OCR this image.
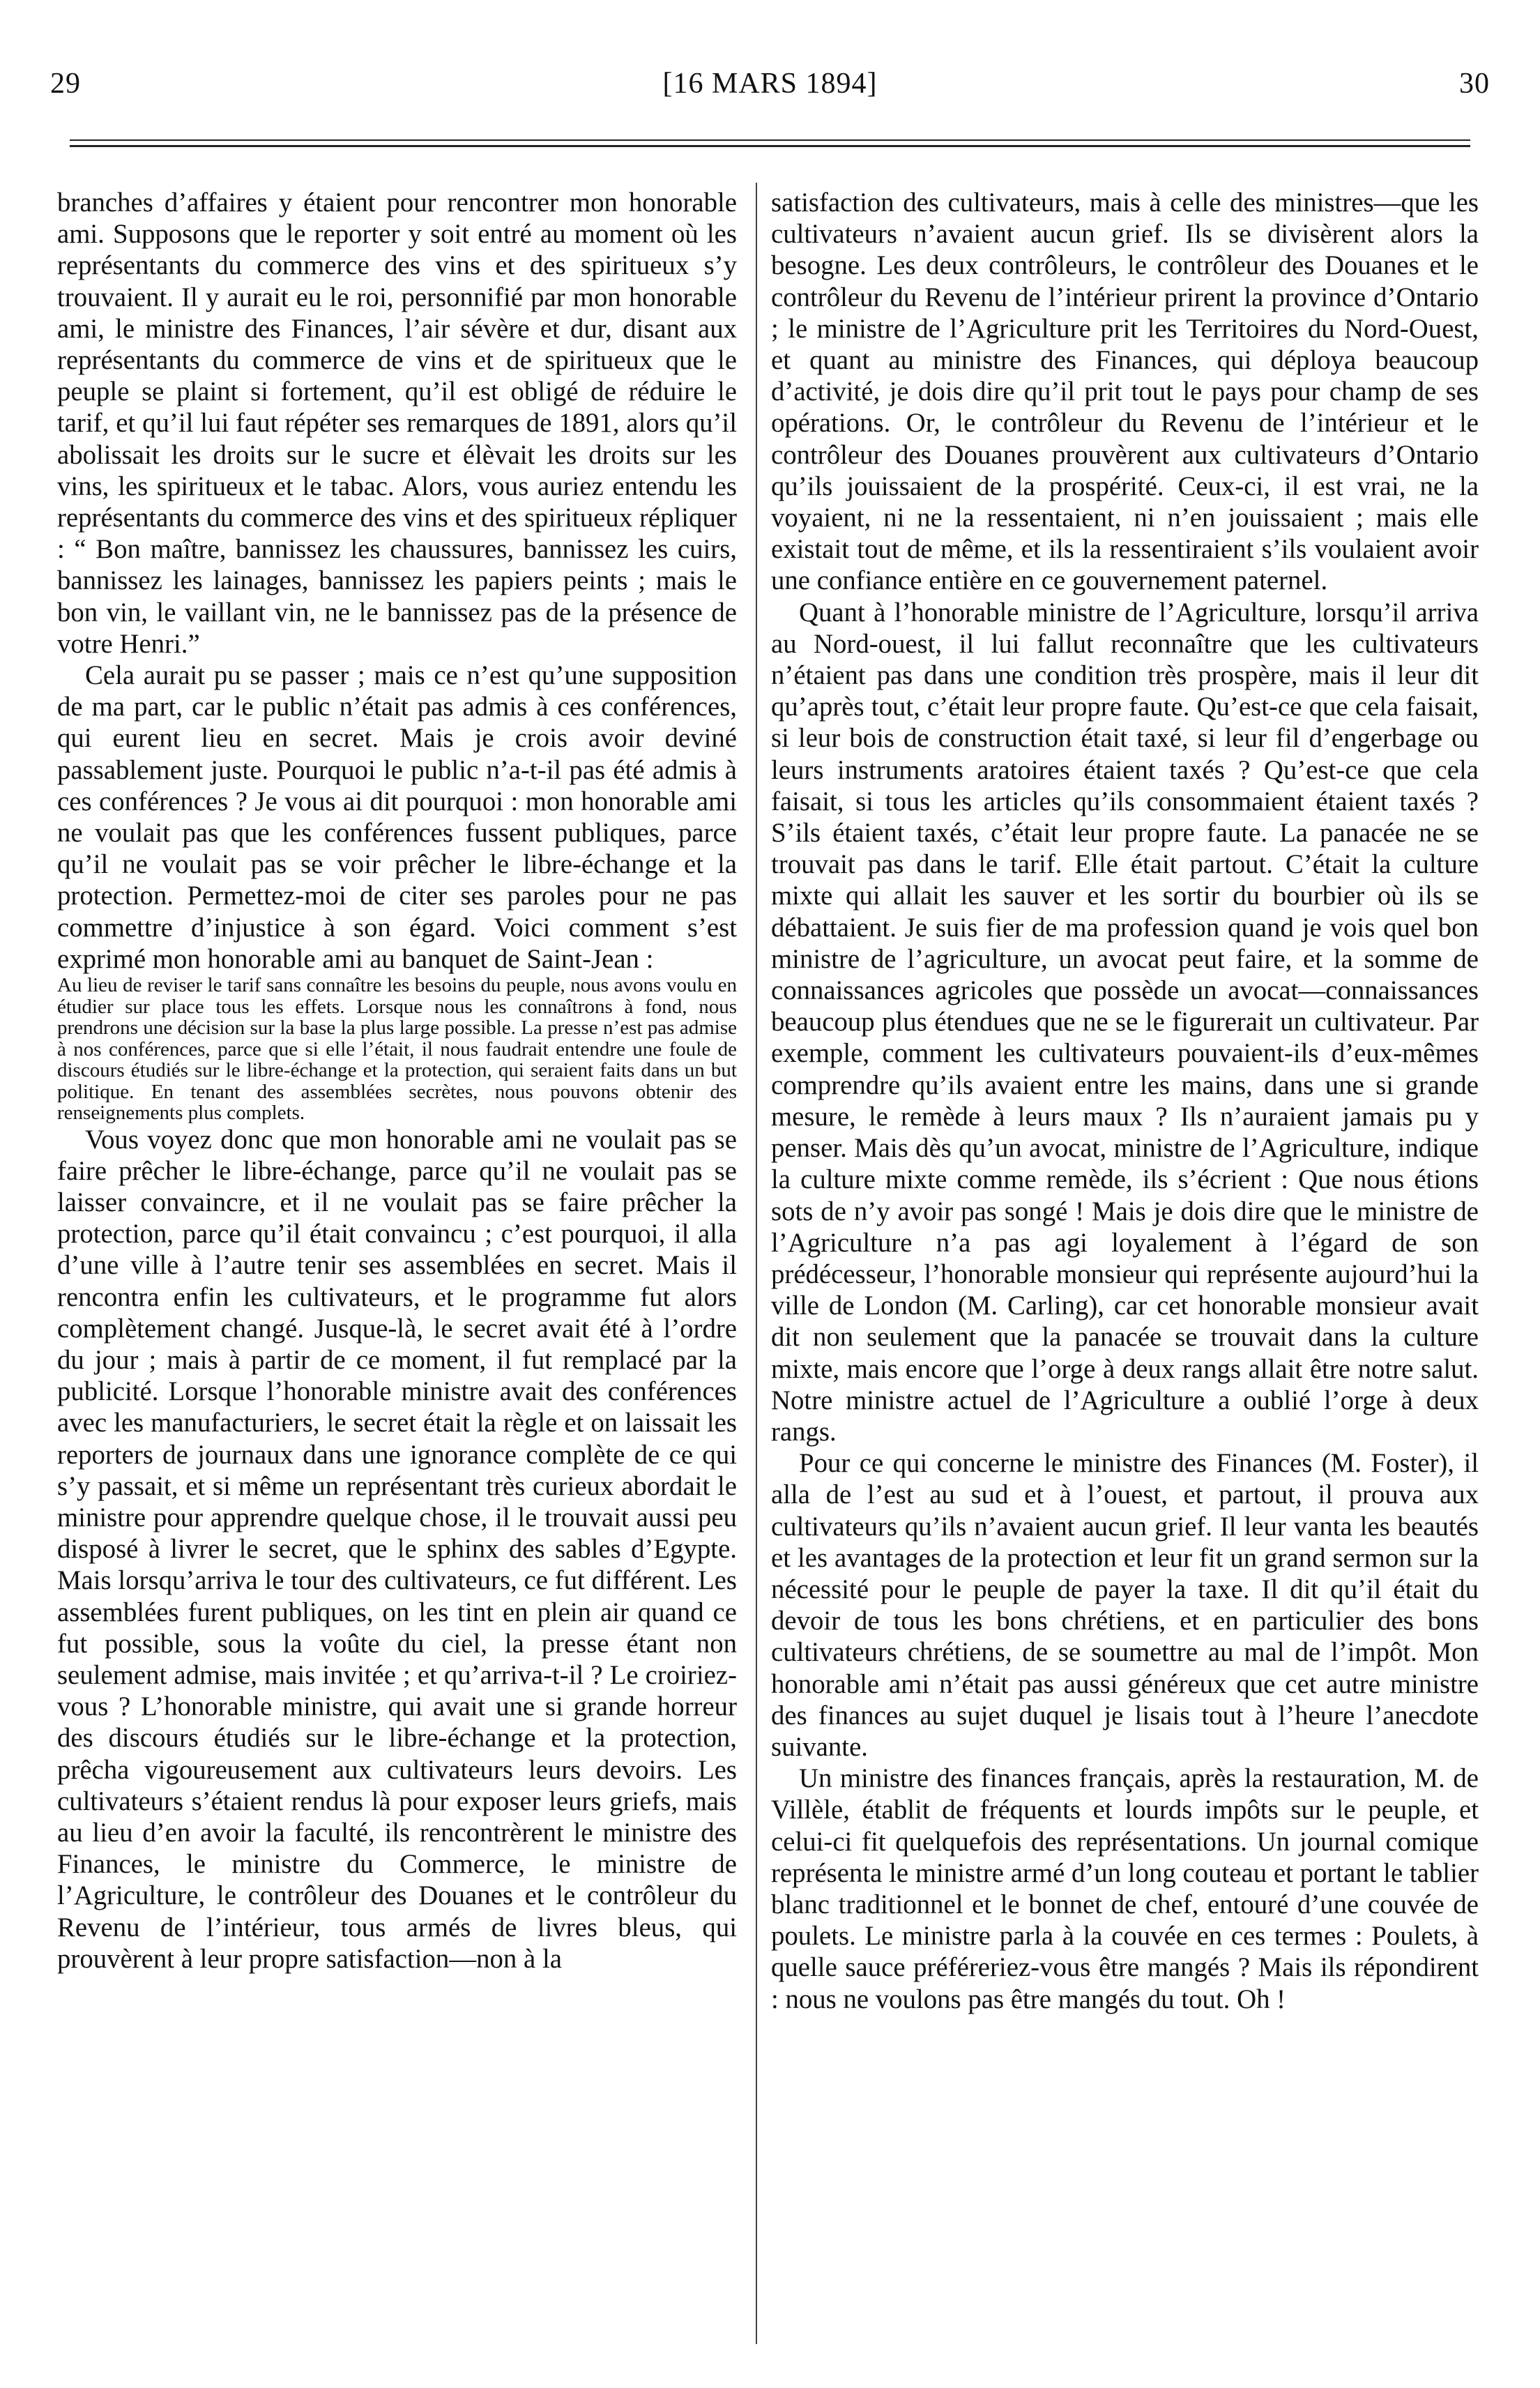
29	[16 MARS 1894]	30

branches d’affaires y étaient pour rencontrer mon honorable ami. Supposons que le reporter y soit entré au moment où les représentants du commerce des vins et des spiritueux s’y trouvaient. Il y aurait eu le roi, personnifié par mon honorable ami, le ministre des Finances, l’air sévère et dur, disant aux représentants du commerce de vins et de spiritueux que le peuple se plaint si fortement, qu’il est obligé de réduire le tarif, et qu’il lui faut répéter ses remarques de 1891, alors qu’il abolissait les droits sur le sucre et élèvait les droits sur les vins, les spiritueux et le tabac. Alors, vous auriez entendu les représentants du commerce des vins et des spiritueux répliquer : “ Bon maître, bannissez les chaussures, bannissez les cuirs, bannissez les lainages, bannissez les papiers peints ; mais le bon vin, le vaillant vin, ne le bannissez pas de la présence de votre Henri.”

Cela aurait pu se passer ; mais ce n’est qu’une supposition de ma part, car le public n’était pas admis à ces conférences, qui eurent lieu en secret. Mais je crois avoir deviné passablement juste. Pourquoi le public n’a-t-il pas été admis à ces conférences ? Je vous ai dit pourquoi : mon honorable ami ne voulait pas que les conférences fussent publiques, parce qu’il ne voulait pas se voir prêcher le libre-échange et la protection. Permettez-moi de citer ses paroles pour ne pas commettre d’injustice à son égard. Voici comment s’est exprimé mon honorable ami au banquet de Saint-Jean :

Au lieu de reviser le tarif sans connaître les besoins du peuple, nous avons voulu en étudier sur place tous les effets. Lorsque nous les connaîtrons à fond, nous prendrons une décision sur la base la plus large possible. La presse n’est pas admise à nos conférences, parce que si elle l’était, il nous faudrait entendre une foule de discours étudiés sur le libre-échange et la protection, qui seraient faits dans un but politique. En tenant des assemblées secrètes, nous pouvons obtenir des renseignements plus complets.

Vous voyez donc que mon honorable ami ne voulait pas se faire prêcher le libre-échange, parce qu’il ne voulait pas se laisser convaincre, et il ne voulait pas se faire prêcher la protection, parce qu’il était convaincu ; c’est pourquoi, il alla d’une ville à l’autre tenir ses assemblées en secret. Mais il rencontra enfin les cultivateurs, et le programme fut alors complètement changé. Jusque-là, le secret avait été à l’ordre du jour ; mais à partir de ce moment, il fut remplacé par la publicité. Lorsque l’honorable ministre avait des conférences avec les manufacturiers, le secret était la règle et on laissait les reporters de journaux dans une ignorance complète de ce qui s’y passait, et si même un représentant très curieux abordait le ministre pour apprendre quelque chose, il le trouvait aussi peu disposé à livrer le secret, que le sphinx des sables d’Egypte. Mais lorsqu’arriva le tour des cultivateurs, ce fut différent. Les assemblées furent publiques, on les tint en plein air quand ce fut possible, sous la voûte du ciel, la presse étant non seulement admise, mais invitée ; et qu’arriva-t-il ? Le croiriez-vous ? L’honorable ministre, qui avait une si grande horreur des discours étudiés sur le libre-échange et la protection, prêcha vigoureusement aux cultivateurs leurs devoirs. Les cultivateurs s’étaient rendus là pour exposer leurs griefs, mais au lieu d’en avoir la faculté, ils rencontrèrent le ministre des Finances, le ministre du Commerce, le ministre de l’Agriculture, le contrôleur des Douanes et le contrôleur du Revenu de l’intérieur, tous armés de livres bleus, qui prouvèrent à leur propre satisfaction—non à la

satisfaction des cultivateurs, mais à celle des ministres—que les cultivateurs n’avaient aucun grief. Ils se divisèrent alors la besogne. Les deux contrôleurs, le contrôleur des Douanes et le contrôleur du Revenu de l’intérieur prirent la province d’Ontario ; le ministre de l’Agriculture prit les Territoires du Nord-Ouest, et quant au ministre des Finances, qui déploya beaucoup d’activité, je dois dire qu’il prit tout le pays pour champ de ses opérations. Or, le contrôleur du Revenu de l’intérieur et le contrôleur des Douanes prouvèrent aux cultivateurs d’Ontario qu’ils jouissaient de la prospérité. Ceux-ci, il est vrai, ne la voyaient, ni ne la ressentaient, ni n’en jouissaient ; mais elle existait tout de même, et ils la ressentiraient s’ils voulaient avoir une confiance entière en ce gouvernement paternel.

Quant à l’honorable ministre de l’Agriculture, lorsqu’il arriva au Nord-ouest, il lui fallut reconnaître que les cultivateurs n’étaient pas dans une condition très prospère, mais il leur dit qu’après tout, c’était leur propre faute. Qu’est-ce que cela faisait, si leur bois de construction était taxé, si leur fil d’engerbage ou leurs instruments aratoires étaient taxés ? Qu’est-ce que cela faisait, si tous les articles qu’ils consommaient étaient taxés ? S’ils étaient taxés, c’était leur propre faute. La panacée ne se trouvait pas dans le tarif. Elle était partout. C’était la culture mixte qui allait les sauver et les sortir du bourbier où ils se débattaient. Je suis fier de ma profession quand je vois quel bon ministre de l’agriculture, un avocat peut faire, et la somme de connaissances agricoles que possède un avocat—connaissances beaucoup plus étendues que ne se le figurerait un cultivateur. Par exemple, comment les cultivateurs pouvaient-ils d’eux-mêmes comprendre qu’ils avaient entre les mains, dans une si grande mesure, le remède à leurs maux ? Ils n’auraient jamais pu y penser. Mais dès qu’un avocat, ministre de l’Agriculture, indique la culture mixte comme remède, ils s’écrient : Que nous étions sots de n’y avoir pas songé ! Mais je dois dire que le ministre de l’Agriculture n’a pas agi loyalement à l’égard de son prédécesseur, l’honorable monsieur qui représente aujourd’hui la ville de London (M. Carling), car cet honorable monsieur avait dit non seulement que la panacée se trouvait dans la culture mixte, mais encore que l’orge à deux rangs allait être notre salut. Notre ministre actuel de l’Agriculture a oublié l’orge à deux rangs.

Pour ce qui concerne le ministre des Finances (M. Foster), il alla de l’est au sud et à l’ouest, et partout, il prouva aux cultivateurs qu’ils n’avaient aucun grief. Il leur vanta les beautés et les avantages de la protection et leur fit un grand sermon sur la nécessité pour le peuple de payer la taxe. Il dit qu’il était du devoir de tous les bons chrétiens, et en particulier des bons cultivateurs chrétiens, de se soumettre au mal de l’impôt. Mon honorable ami n’était pas aussi généreux que cet autre ministre des finances au sujet duquel je lisais tout à l’heure l’anecdote suivante.

Un ministre des finances français, après la restauration, M. de Villèle, établit de fréquents et lourds impôts sur le peuple, et celui-ci fit quelquefois des représentations. Un journal comique représenta le ministre armé d’un long couteau et portant le tablier blanc traditionnel et le bonnet de chef, entouré d’une couvée de poulets. Le ministre parla à la couvée en ces termes : Poulets, à quelle sauce préféreriez-vous être mangés ? Mais ils répondirent : nous ne voulons pas être mangés du tout. Oh !
